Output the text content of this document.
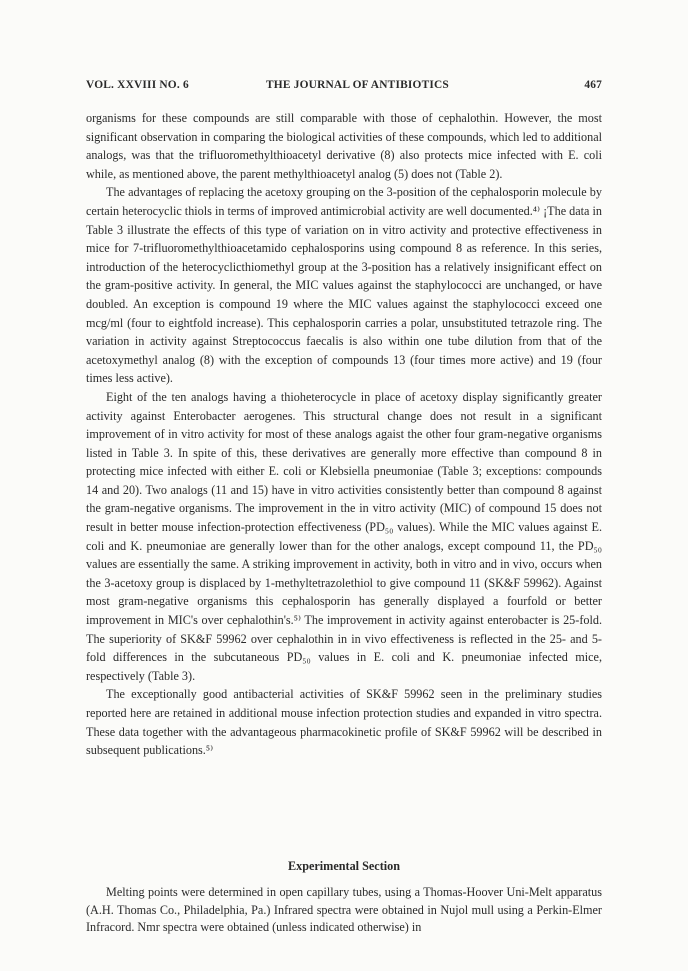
VOL. XXVIII NO. 6	THE JOURNAL OF ANTIBIOTICS	467

organisms for these compounds are still comparable with those of cephalothin. However, the most significant observation in comparing the biological activities of these compounds, which led to additional analogs, was that the trifluoromethylthioacetyl derivative (8) also protects mice infected with E. coli while, as mentioned above, the parent methylthioacetyl analog (5) does not (Table 2).

The advantages of replacing the acetoxy grouping on the 3-position of the cephalosporin molecule by certain heterocyclic thiols in terms of improved antimicrobial activity are well documented.⁴⁾ ¡The data in Table 3 illustrate the effects of this type of variation on in vitro activity and protective effectiveness in mice for 7-trifluoromethylthioacetamido cephalosporins using compound 8 as reference. In this series, introduction of the heterocyclicthiomethyl group at the 3-position has a relatively insignificant effect on the gram-positive activity. In general, the MIC values against the staphylococci are unchanged, or have doubled. An exception is compound 19 where the MIC values against the staphylococci exceed one mcg/ml (four to eightfold increase). This cephalosporin carries a polar, unsubstituted tetrazole ring. The variation in activity against Streptococcus faecalis is also within one tube dilution from that of the acetoxymethyl analog (8) with the exception of compounds 13 (four times more active) and 19 (four times less active).

Eight of the ten analogs having a thioheterocycle in place of acetoxy display significantly greater activity against Enterobacter aerogenes. This structural change does not result in a significant improvement of in vitro activity for most of these analogs agaist the other four gram-negative organisms listed in Table 3. In spite of this, these derivatives are generally more effective than compound 8 in protecting mice infected with either E. coli or Klebsiella pneumoniae (Table 3; exceptions: compounds 14 and 20). Two analogs (11 and 15) have in vitro activities consistently better than compound 8 against the gram-negative organisms. The improvement in the in vitro activity (MIC) of compound 15 does not result in better mouse infection-protection effectiveness (PD₅₀ values). While the MIC values against E. coli and K. pneumoniae are generally lower than for the other analogs, except compound 11, the PD₅₀ values are essentially the same. A striking improvement in activity, both in vitro and in vivo, occurs when the 3-acetoxy group is displaced by 1-methyltetrazolethiol to give compound 11 (SK&F 59962). Against most gram-negative organisms this cephalosporin has generally displayed a fourfold or better improvement in MIC's over cephalothin's.⁵⁾ The improvement in activity against enterobacter is 25-fold. The superiority of SK&F 59962 over cephalothin in in vivo effectiveness is reflected in the 25- and 5-fold differences in the subcutaneous PD₅₀ values in E. coli and K. pneumoniae infected mice, respectively (Table 3).

The exceptionally good antibacterial activities of SK&F 59962 seen in the preliminary studies reported here are retained in additional mouse infection protection studies and expanded in vitro spectra. These data together with the advantageous pharmacokinetic profile of SK&F 59962 will be described in subsequent publications.⁵⁾

Experimental Section

Melting points were determined in open capillary tubes, using a Thomas-Hoover Uni-Melt apparatus (A.H. Thomas Co., Philadelphia, Pa.) Infrared spectra were obtained in Nujol mull using a Perkin-Elmer Infracord. Nmr spectra were obtained (unless indicated otherwise) in
